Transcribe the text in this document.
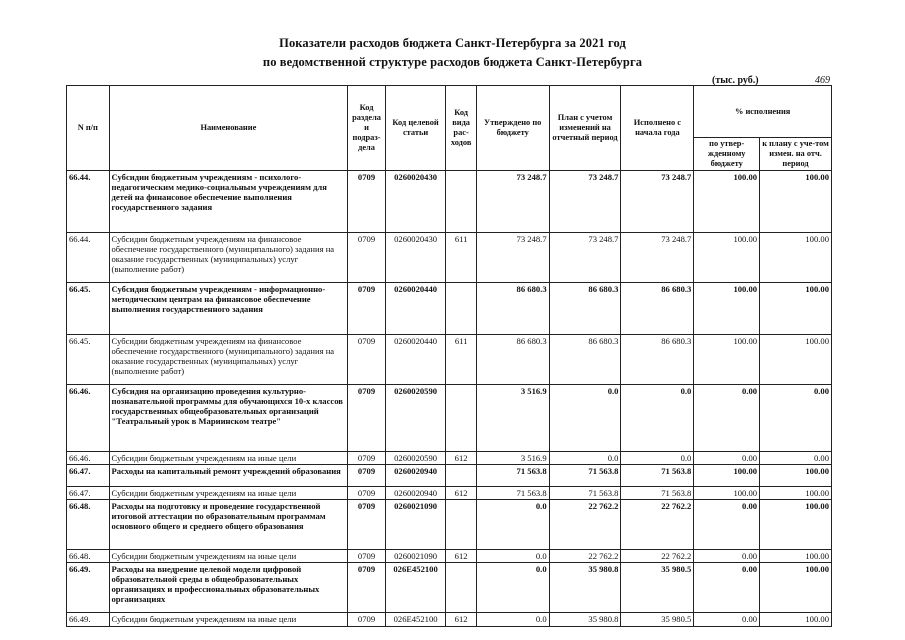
Показатели расходов бюджета Санкт-Петербурга за 2021 год
по ведомственной структуре расходов бюджета Санкт-Петербурга
(тыс. руб.)	469
N п/п	Наименование	Код раздела и подраз-дела	Код целевой статьи	Код вида рас-ходов	Утверждено по бюджету	План с учетом изменений на отчетный период	Исполнено с начала года	% исполнения	
								по утвер-жденному бюджету	к плану с уче-том измен. на отч. период
66.44.	Субсидии бюджетным учреждениям - психолого-педагогическим медико-социальным учреждениям для детей на финансовое обеспечение выполнения государственного задания	0709	0260020430		73 248.7	73 248.7	73 248.7	100.00	100.00
66.44.	Субсидии бюджетным учреждениям на финансовое обеспечение государственного (муниципального) задания на оказание государственных (муниципальных) услуг (выполнение работ)	0709	0260020430	611	73 248.7	73 248.7	73 248.7	100.00	100.00
66.45.	Субсидия бюджетным учреждениям - информационно-методическим центрам на финансовое обеспечение выполнения государственного задания	0709	0260020440		86 680.3	86 680.3	86 680.3	100.00	100.00
66.45.	Субсидии бюджетным учреждениям на финансовое обеспечение государственного (муниципального) задания на оказание государственных (муниципальных) услуг (выполнение работ)	0709	0260020440	611	86 680.3	86 680.3	86 680.3	100.00	100.00
66.46.	Субсидия на организацию проведения культурно-познавательной программы для обучающихся 10-х классов государственных общеобразовательных организаций "Театральный урок в Мариинском театре"	0709	0260020590		3 516.9	0.0	0.0	0.00	0.00
66.46.	Субсидии бюджетным учреждениям на иные цели	0709	0260020590	612	3 516.9	0.0	0.0	0.00	0.00
66.47.	Расходы на капитальный ремонт учреждений образования	0709	0260020940		71 563.8	71 563.8	71 563.8	100.00	100.00
66.47.	Субсидии бюджетным учреждениям на иные цели	0709	0260020940	612	71 563.8	71 563.8	71 563.8	100.00	100.00
66.48.	Расходы на подготовку и проведение государственной итоговой аттестации по образовательным программам основного общего и среднего общего образования	0709	0260021090		0.0	22 762.2	22 762.2	0.00	100.00
66.48.	Субсидии бюджетным учреждениям на иные цели	0709	0260021090	612	0.0	22 762.2	22 762.2	0.00	100.00
66.49.	Расходы на внедрение целевой модели цифровой образовательной среды в общеобразовательных организациях и профессиональных образовательных организациях	0709	026E452100		0.0	35 980.8	35 980.5	0.00	100.00
66.49.	Субсидии бюджетным учреждениям на иные цели	0709	026E452100	612	0.0	35 980.8	35 980.5	0.00	100.00
